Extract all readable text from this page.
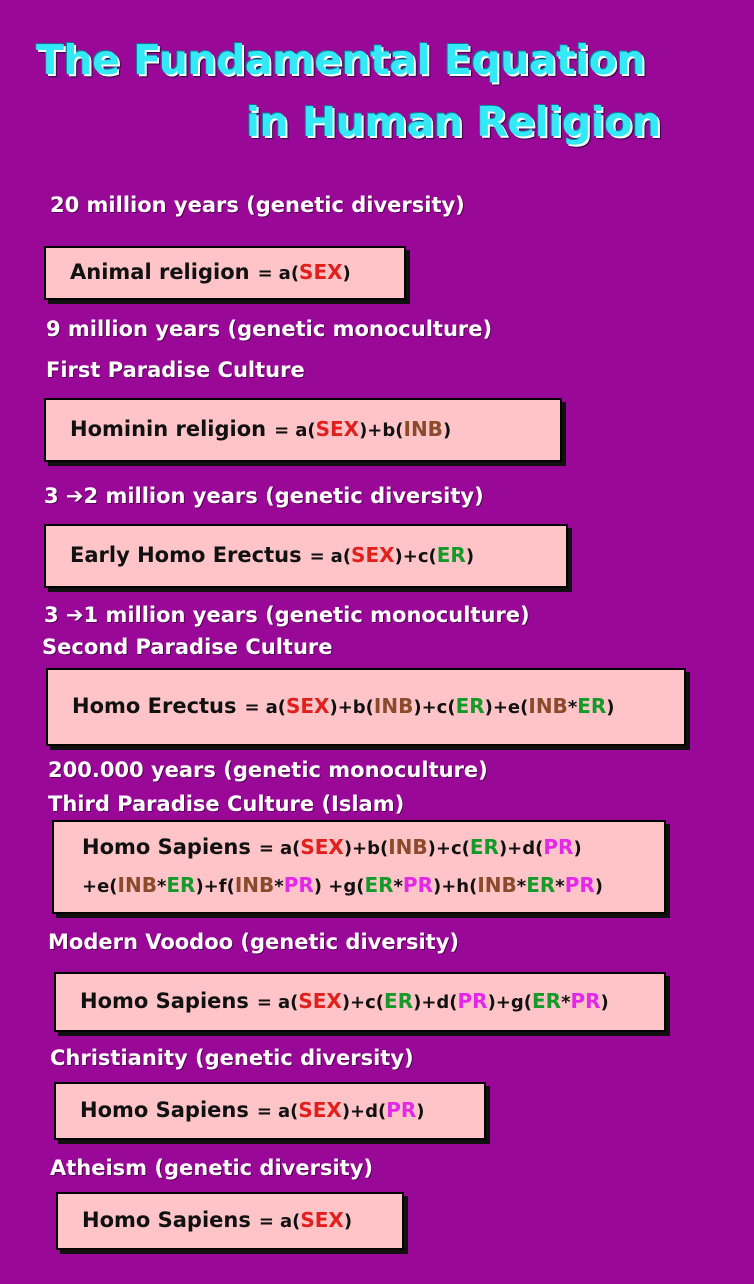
The Fundamental Equation
in Human Religion
20 million years (genetic diversity)
Animal religion = a( SEX )
9 million years (genetic monoculture)
First Paradise Culture
Hominin religion = a( SEX )+b( INB )
3 ➔2 million years (genetic diversity)
Early Homo Erectus = a( SEX )+c( ER )
3 ➔1 million years (genetic monoculture)
Second Paradise Culture
Homo Erectus = a( SEX )+b( INB )+c( ER )+e( INB * ER )
200.000 years (genetic monoculture)
Third Paradise Culture (Islam)
Homo Sapiens = a( SEX )+b( INB )+c( ER )+d( PR )
+e( INB * ER )+f( INB * PR ) +g( ER * PR )+h( INB * ER * PR )
Modern Voodoo (genetic diversity)
Homo Sapiens = a( SEX )+c( ER )+d( PR )+g( ER * PR )
Christianity (genetic diversity)
Homo Sapiens = a( SEX )+d( PR )
Atheism (genetic diversity)
Homo Sapiens = a( SEX )
